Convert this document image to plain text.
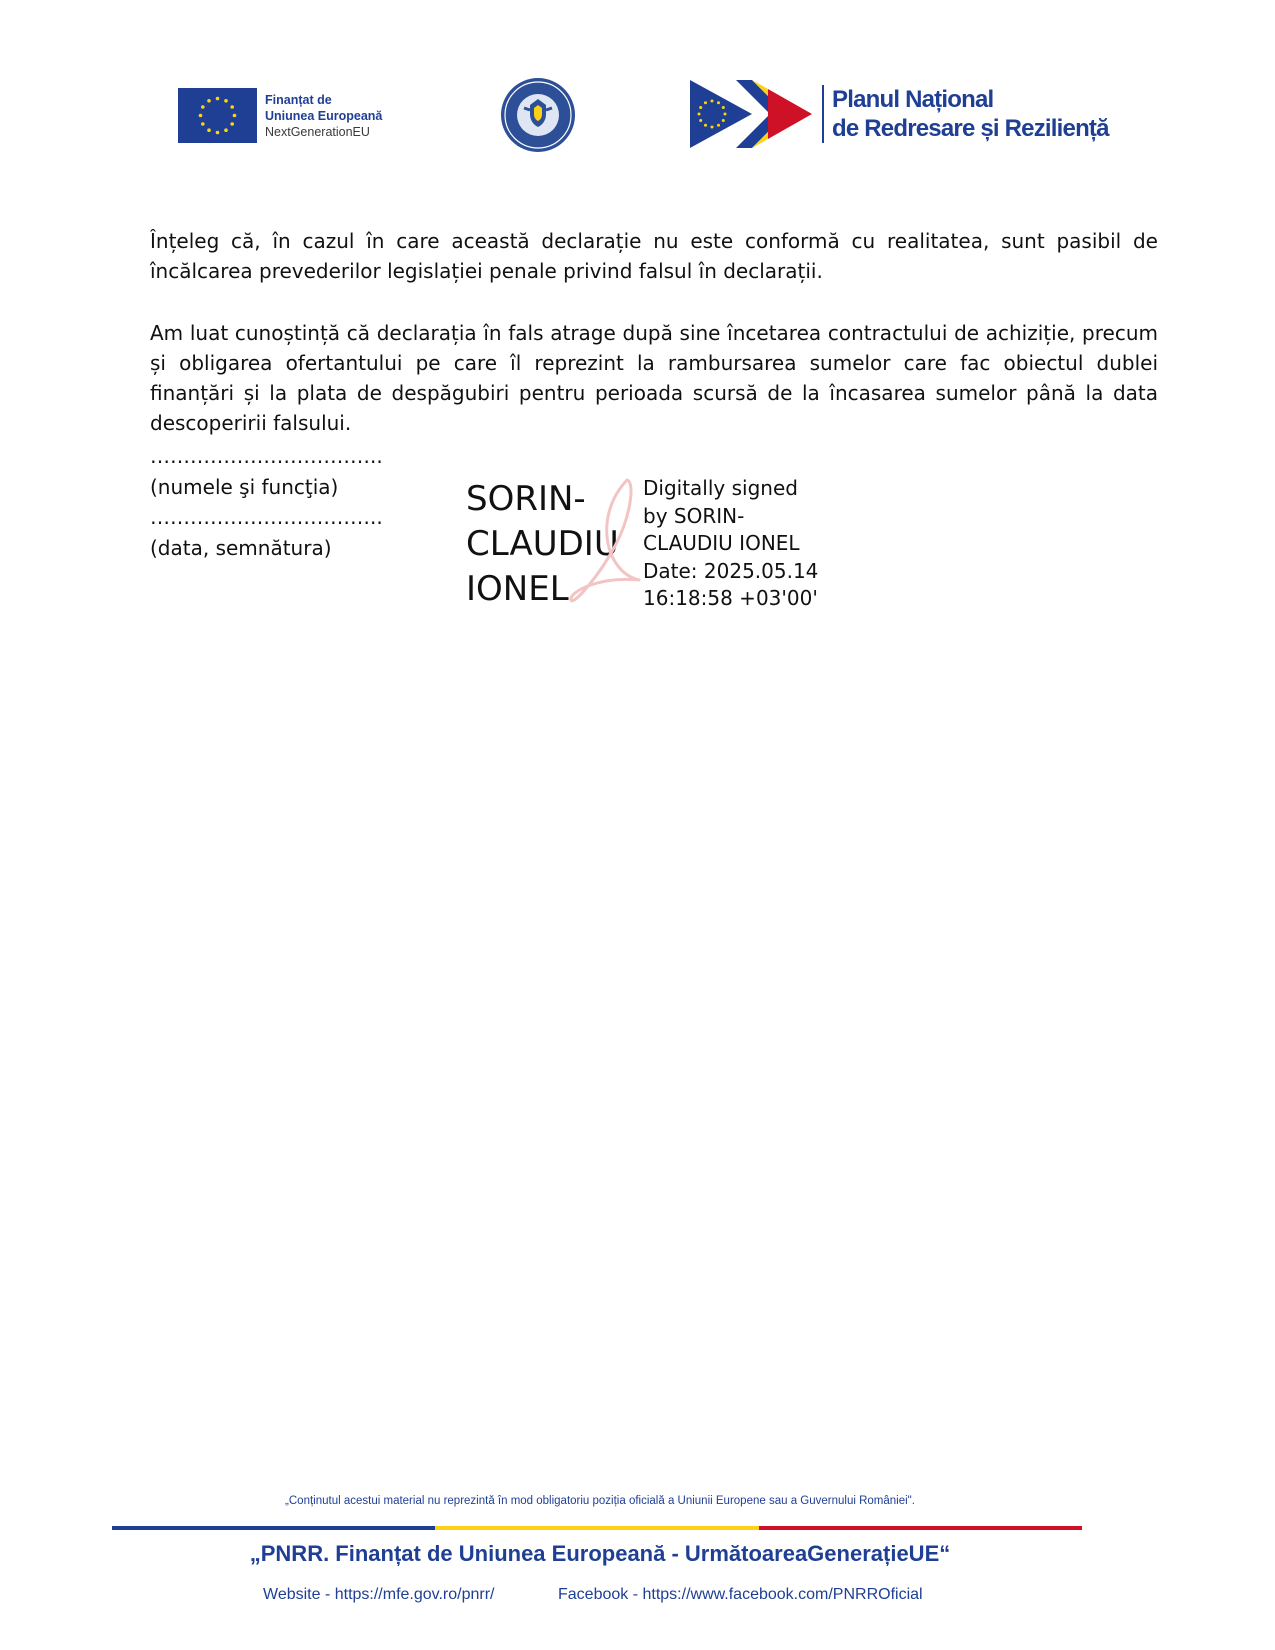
Finanțat de
Uniunea Europeană
NextGenerationEU
Planul Național
de Redresare și Reziliență

Înțeleg că, în cazul în care această declarație nu este conformă cu realitatea, sunt pasibil de încălcarea prevederilor legislației penale privind falsul în declarații.

Am luat cunoștință că declarația în fals atrage după sine încetarea contractului de achiziție, precum și obligarea ofertantului pe care îl reprezint la rambursarea sumelor care fac obiectul dublei finanțări și la plata de despăgubiri pentru perioada scursă de la încasarea sumelor până la data descoperirii falsului.

……………………………..

(numele şi funcţia)

……………………………..

(data, semnătura)

SORIN-
CLAUDIU
IONEL
Digitally signed
by SORIN-
CLAUDIU IONEL
Date: 2025.05.14
16:18:58 +03'00'
„Conținutul acestui material nu reprezintă în mod obligatoriu poziția oficială a Uniunii Europene sau a Guvernului României".
„PNRR. Finanțat de Uniunea Europeană - UrmătoareaGenerațieUE“
Website - https://mfe.gov.ro/pnrr/	Facebook - https://www.facebook.com/PNRROficial
